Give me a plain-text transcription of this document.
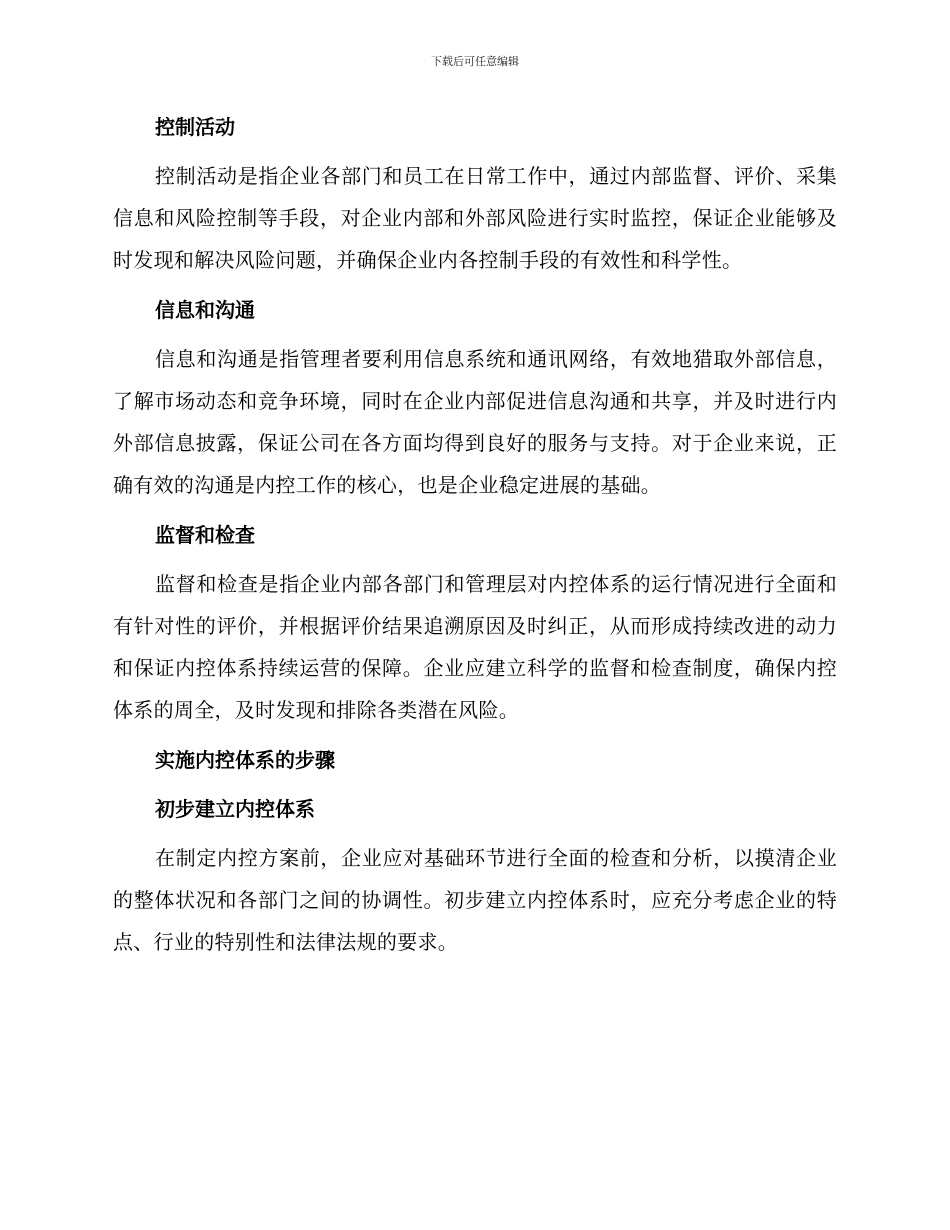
下载后可任意编辑
控制活动

控制活动是指企业各部门和员工在日常工作中，通过内部监督、评价、采集信息和风险控制等手段，对企业内部和外部风险进行实时监控，保证企业能够及时发现和解决风险问题，并确保企业内各控制手段的有效性和科学性。

信息和沟通

信息和沟通是指管理者要利用信息系统和通讯网络，有效地猎取外部信息，了解市场动态和竞争环境，同时在企业内部促进信息沟通和共享，并及时进行内外部信息披露，保证公司在各方面均得到良好的服务与支持。对于企业来说，正确有效的沟通是内控工作的核心，也是企业稳定进展的基础。

监督和检查

监督和检查是指企业内部各部门和管理层对内控体系的运行情况进行全面和有针对性的评价，并根据评价结果追溯原因及时纠正，从而形成持续改进的动力和保证内控体系持续运营的保障。企业应建立科学的监督和检查制度，确保内控体系的周全，及时发现和排除各类潜在风险。

实施内控体系的步骤
初步建立内控体系

在制定内控方案前，企业应对基础环节进行全面的检查和分析，以摸清企业的整体状况和各部门之间的协调性。初步建立内控体系时，应充分考虑企业的特点、行业的特别性和法律法规的要求。
